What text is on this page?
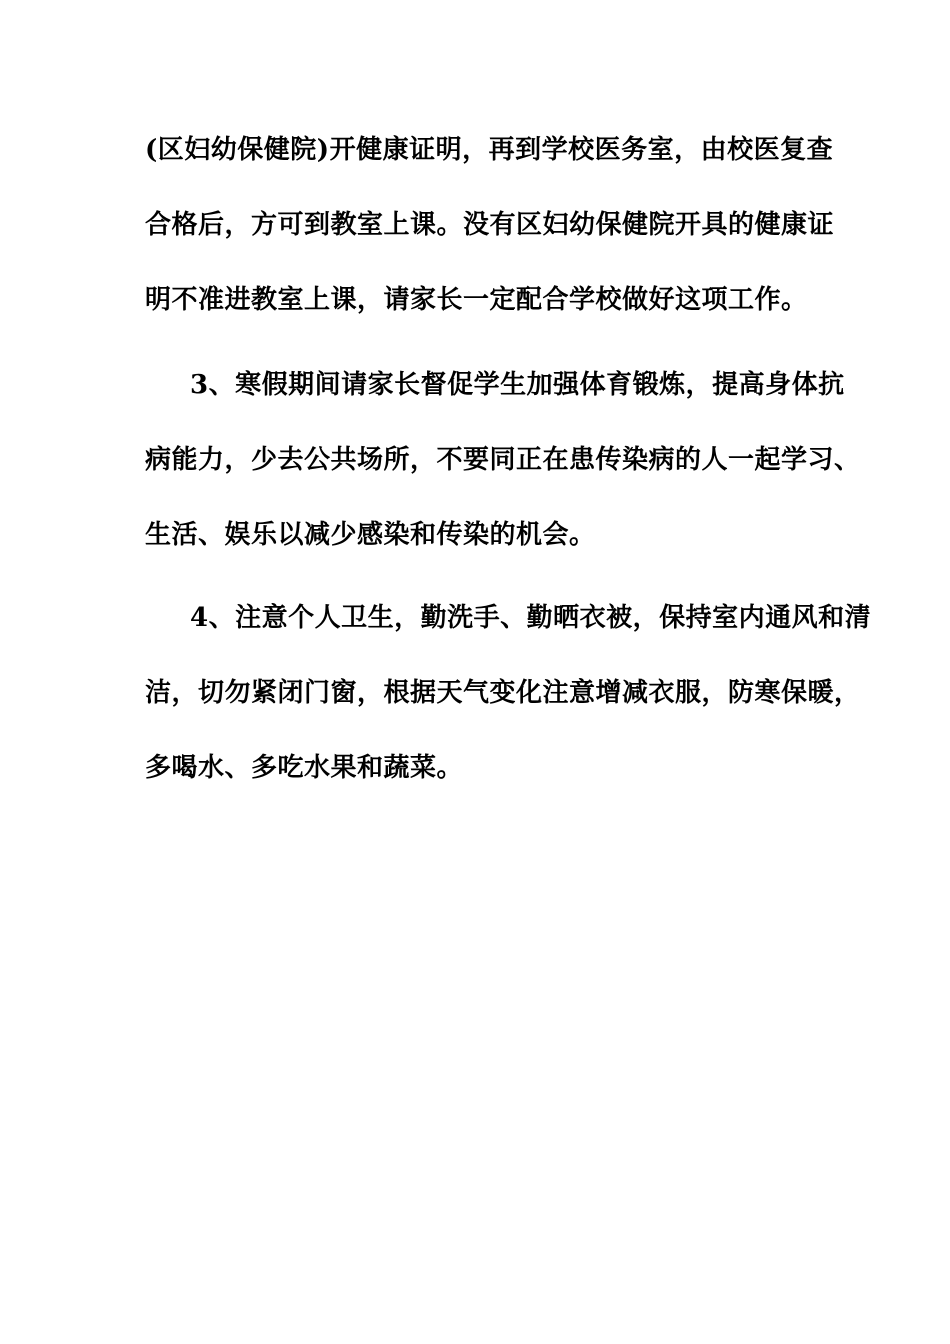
(区妇幼保健院)开健康证明，再到学校医务室，由校医复查
合格后，方可到教室上课。没有区妇幼保健院开具的健康证
明不准进教室上课，请家长一定配合学校做好这项工作。
3、寒假期间请家长督促学生加强体育锻炼，提高身体抗
病能力，少去公共场所，不要同正在患传染病的人一起学习、
生活、娱乐以减少感染和传染的机会。
4、注意个人卫生，勤洗手、勤晒衣被，保持室内通风和清
洁，切勿紧闭门窗，根据天气变化注意增减衣服，防寒保暖，
多喝水、多吃水果和蔬菜。
